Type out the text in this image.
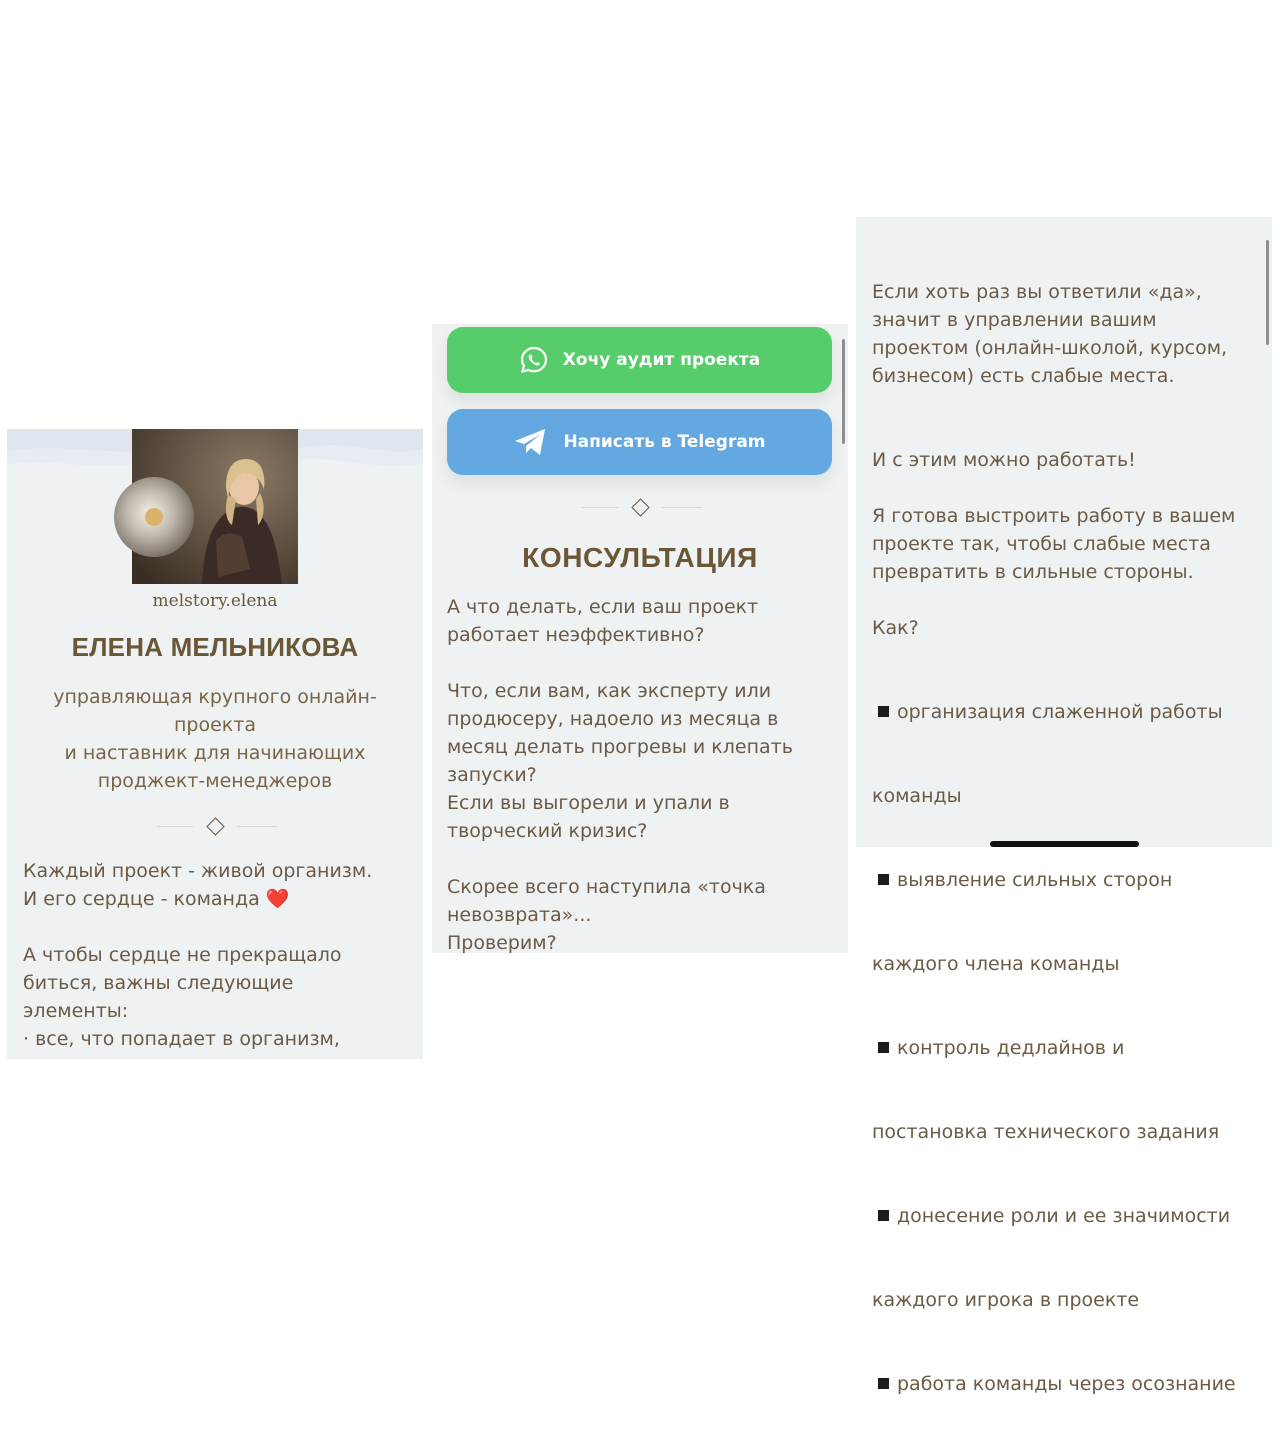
melstory.elena
ЕЛЕНА МЕЛЬНИКОВА
управляющая крупного онлайн-
проекта
и наставник для начинающих
проджект-менеджеров
Каждый проект - живой организм.
И его сердце - команда ❤️

А чтобы сердце не прекращало
биться, важны следующие
элементы:
· все, что попадает в организм,
Хочу аудит проекта
Написать в Telegram
КОНСУЛЬТАЦИЯ
А что делать, если ваш проект
работает неэффективно?

Что, если вам, как эксперту или
продюсеру, надоело из месяца в
месяц делать прогревы и клепать
запуски?
Если вы выгорели и упали в
творческий кризис?

Скорее всего наступила «точка
невозврата»...
Проверим?

Если хоть раз вы ответили «да»,
значит в управлении вашим
проектом (онлайн-школой, курсом,
бизнесом) есть слабые места.

И с этим можно работать!

Я готова выстроить работу в вашем
проекте так, чтобы слабые места
превратить в сильные стороны.

Как?

организация слаженной работы

команды

выявление сильных сторон

каждого члена команды

контроль дедлайнов и

постановка технического задания

донесение роли и ее значимости

каждого игрока в проекте

работа команды через осознание
